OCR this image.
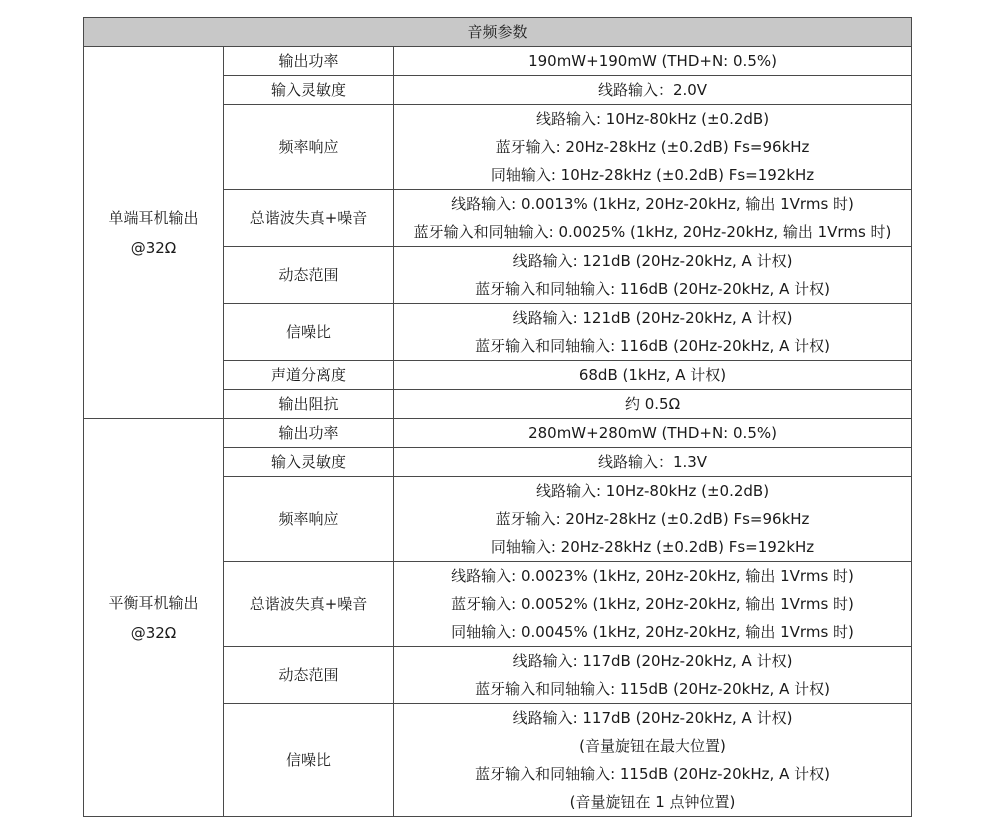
音频参数		

单端耳机输出
@32Ω	输出功率	190mW+190mW (THD+N: 0.5%)

	输入灵敏度	线路输入：2.0V

	频率响应	线路输入: 10Hz-80kHz (±0.2dB)
蓝牙输入: 20Hz-28kHz (±0.2dB) Fs=96kHz
同轴输入: 10Hz-28kHz (±0.2dB) Fs=192kHz

	总谐波失真+噪音	线路输入: 0.0013% (1kHz, 20Hz-20kHz, 输出 1Vrms 时)
蓝牙输入和同轴输入: 0.0025% (1kHz, 20Hz-20kHz, 输出 1Vrms 时)

	动态范围	线路输入: 121dB (20Hz-20kHz, A 计权)
蓝牙输入和同轴输入: 116dB (20Hz-20kHz, A 计权)

	信噪比	线路输入: 121dB (20Hz-20kHz, A 计权)
蓝牙输入和同轴输入: 116dB (20Hz-20kHz, A 计权)

	声道分离度	68dB (1kHz, A 计权)

	输出阻抗	约 0.5Ω

平衡耳机输出
@32Ω	输出功率	280mW+280mW (THD+N: 0.5%)

	输入灵敏度	线路输入：1.3V

	频率响应	线路输入: 10Hz-80kHz (±0.2dB)
蓝牙输入: 20Hz-28kHz (±0.2dB) Fs=96kHz
同轴输入: 20Hz-28kHz (±0.2dB) Fs=192kHz

	总谐波失真+噪音	线路输入: 0.0023% (1kHz, 20Hz-20kHz, 输出 1Vrms 时)
蓝牙输入: 0.0052% (1kHz, 20Hz-20kHz, 输出 1Vrms 时)
同轴输入: 0.0045% (1kHz, 20Hz-20kHz, 输出 1Vrms 时)

	动态范围	线路输入: 117dB (20Hz-20kHz, A 计权)
蓝牙输入和同轴输入: 115dB (20Hz-20kHz, A 计权)

	信噪比	线路输入: 117dB (20Hz-20kHz, A 计权)
(音量旋钮在最大位置)
蓝牙输入和同轴输入: 115dB (20Hz-20kHz, A 计权)
(音量旋钮在 1 点钟位置)
